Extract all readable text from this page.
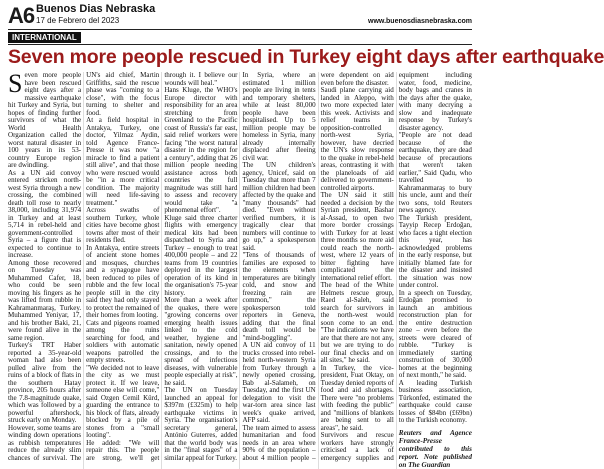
A6 Buenos Dias Nebraska
17 de Febrero del 2023	www.buenosdiasnebraska.com
INTERNATIONAL
Seven more people rescued in Turkey eight days after earthquake

Seven more people have been rescued eight days after a massive earthquake hit Turkey and Syria, but hopes of finding further survivors of what the World Health Organization called the worst natural disaster in 100 years in its 53-country Europe region are dwindling.

As a UN aid convoy entered stricken north-west Syria through a new crossing, the combined death toll rose to nearly 38,000, including 31,974 in Turkey and at least 5,714 in rebel-held and government-controlled Syria – a figure that is expected to continue to increase.

Among those recovered on Tuesday was Muhammed Cafer, 18, who could be seen moving his fingers as he was lifted from rubble in Kahramanmaraş, Turkey. Muhammed Yeniyar, 17, and his brother Baki, 21, were found alive in the same region.

Turkey's TRT Haber reported a 35-year-old woman had also been pulled alive from the ruins of a block of flats in the southern Hatay province, 205 hours after the 7.8-magnitude quake, which was followed by a powerful aftershock, struck early on Monday.

However, some teams are winding down operations as rubbish temperatures reduce the already slim chances of survival. The UN's aid chief, Martin Griffiths, said the rescue phase was "coming to a close", with the focus turning to shelter and food.

At a field hospital in Antakya, Turkey, one doctor, Yilmaz Aydin, told Agence France-Presse it was now "a miracle to find a patient still alive", and that those who were rescued would be "in a more critical condition. The majority will need life-saving treatment."

Across swaths of southern Turkey, whole cities have become ghost towns after most of their residents fled.

In Antakya, entire streets of ancient stone homes and mosques, churches and a synagogue have been reduced to piles of rubble and the few local people still in the city said they had only stayed to protect the remained of their homes from looting.

Cats and pigeons roamed among the ruins searching for food, and soldiers with automatic weapons patrolled the empty streets.

"We decided not to leave the city as we must protect it. If we leave, someone else will come," said Ozgen Cemil Kürd, guarding the entrance to his block of flats, already blocked by a pile of stones from a "small looting".

He added: "We will repair this. The people are strong, we'll get through it. I believe our wounds will heal."

Hans Kluge, the WHO's Europe director with responsibility for an area stretching from Greenland to the Pacific coast of Russia's far east, said relief workers were facing "the worst natural disaster in the region for a century", adding that 26 million people needing assistance across both countries the full magnitude was still hard to assess and recovery would take "a phenomenal effort".

Kluge said three charter flights with emergency medical kits had been dispatched to Syria and Turkey – enough to treat 400,000 people – and 22 teams from 19 countries deployed in the largest operation of its kind in the organisation's 75-year history.

More than a week after the quakes, there were "growing concerns over emerging health issues linked to the cold weather, hygiene and sanitation, newly opened crossings, and to the spread of infectious diseases, with vulnerable people especially at risk", he said.

The UN on Tuesday launched an appeal for $397m (£325m) to help earthquake victims in Syria. The organisation's secretary general, António Guterres, added that the world body was in the "final stages" of a similar appeal for Turkey.

In Syria, where an estimated 1 million people are living in tents and temporary shelters, while at least 80,000 people have been hospitalised. Up to 5 million people may be homeless in Syria, many already internally displaced after fleeing civil war.

The UN children's agency, Unicef, said on Tuesday that more than 7 million children had been affected by the quake and "many thousands" had died. "Even without verified numbers, it is tragically clear that numbers will continue to go up," a spokesperson said.

"Tens of thousands of families are exposed to the elements when temperatures are bitingly cold, and snow and freezing rain are common," the spokesperson told reporters in Geneva, adding that the final death toll would be "mind-boggling".

A UN aid convoy of 11 trucks crossed into rebel-held north-western Syria from Turkey through a newly opened crossing, Bab al-Salameh, on Tuesday, and the first UN delegation to visit the war-torn area since last week's quake arrived, AFP said.

The team aimed to assess humanitarian and food needs in an area where 90% of the population – about 4 million people – were dependent on aid even before the disaster.

Saudi plane carrying aid landed in Aleppo, with two more expected later this week. Activists and relief teams in opposition-controlled north-west Syria, however, have decried the UN's slow response to the quake in rebel-held areas, contrasting it with the planeloads of aid delivered to government-controlled airports.

The UN said it still needed a decision by the Syrian president, Bashar al-Assad, to open two more border crossings with Turkey for at least three months so more aid could reach the north-west, where 12 years of bitter fighting have complicated the international relief effort.

The head of the White Helmets rescue group, Raed al-Saleh, said search for survivors in the north-west would soon come to an end. "The indications we have are that there are not any, but we are trying to do our final checks and on all sites," he said.

In Turkey, the vice-president, Fuat Oktay, on Tuesday denied reports of food and aid shortages. There were "no problems with feeding the public" and "millions of blankets are being sent to all areas", he said.

Survivors and rescue workers have strongly criticised a lack of emergency supplies and equipment including water, food, medicine, body bags and cranes in the days after the quake, with many decrying a slow and inadequate response by Turkey's disaster agency.

"People are not dead because of the earthquake, they are dead because of precautions that weren't taken earlier," Said Qadu, who travelled to Kahramanmaraş to bury his uncle, aunt and their two sons, told Reuters news agency.

The Turkish president, Tayyip Recep Erdoğan, who faces a tight election this year, has acknowledged problems in the early response, but initially blamed fate for the disaster and insisted the situation was now under control.

In a speech on Tuesday, Erdoğan promised to launch an ambitious reconstruction plan for the entire destruction zone – even before the streets were cleared of rubble. "Turkey is immediately starting construction of 30,000 homes at the beginning of next month," he said.

A leading Turkish business association, Türkonfed, estimated the earthquake could cause losses of $84bn (£69bn) to the Turkish economy.

Reuters and Agence France-Presse contributed to this report. Note published on The Guardian
